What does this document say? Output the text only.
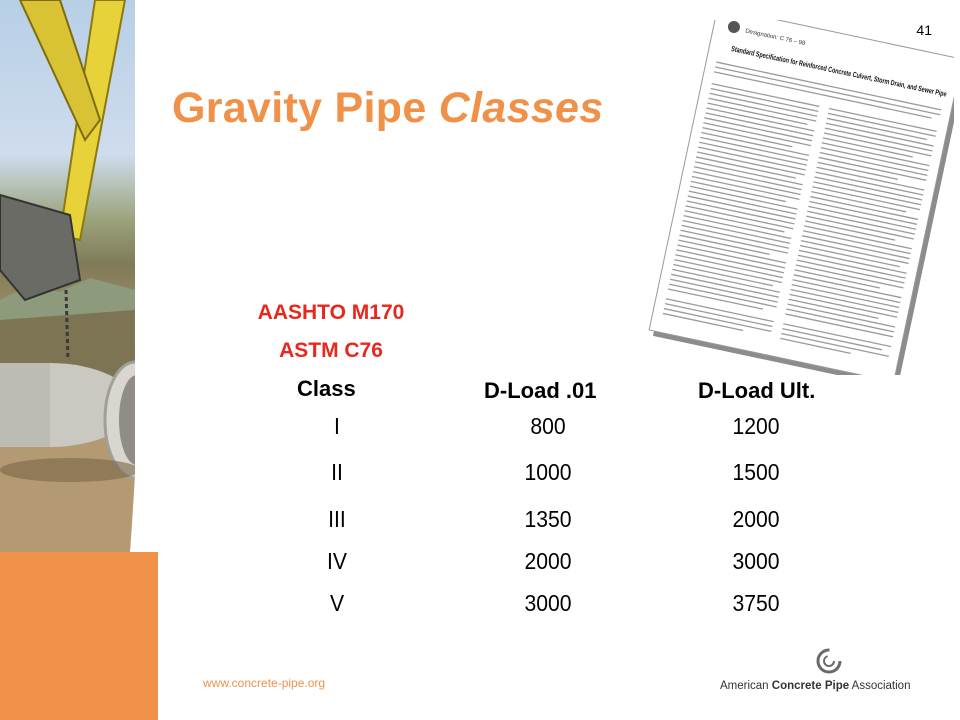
41
Gravity Pipe Classes
Designation: C 76 – 98
AASHTO M170
ASTM C76
Class	D-Load .01	D-Load Ult.
I	800	1200
II	1000	1500
III	1350	2000
IV	2000	3000
V	3000	3750
www.concrete-pipe.org	American Concrete Pipe Association
